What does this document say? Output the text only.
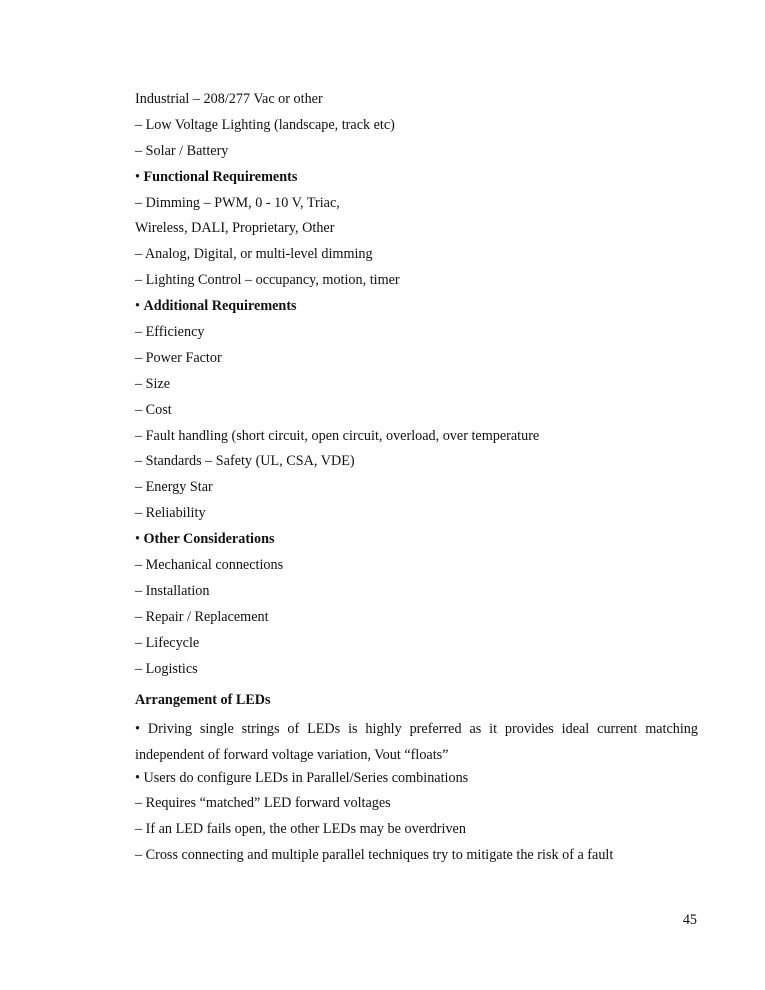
Industrial – 208/277 Vac or other
– Low Voltage Lighting (landscape, track etc)
– Solar / Battery
• Functional Requirements
– Dimming – PWM, 0 - 10 V, Triac,
Wireless, DALI, Proprietary, Other
– Analog, Digital, or multi-level dimming
– Lighting Control – occupancy, motion, timer
• Additional Requirements
– Efficiency
– Power Factor
– Size
– Cost
– Fault handling (short circuit, open circuit, overload, over temperature
– Standards – Safety (UL, CSA, VDE)
– Energy Star
– Reliability
• Other Considerations
– Mechanical connections
– Installation
– Repair / Replacement
– Lifecycle
– Logistics
Arrangement of LEDs

• Driving single strings of LEDs is highly preferred as it provides ideal current matching independent of forward voltage variation, Vout “floats”

• Users do configure LEDs in Parallel/Series combinations
– Requires “matched” LED forward voltages
– If an LED fails open, the other LEDs may be overdriven
– Cross connecting and multiple parallel techniques try to mitigate the risk of a fault
45
